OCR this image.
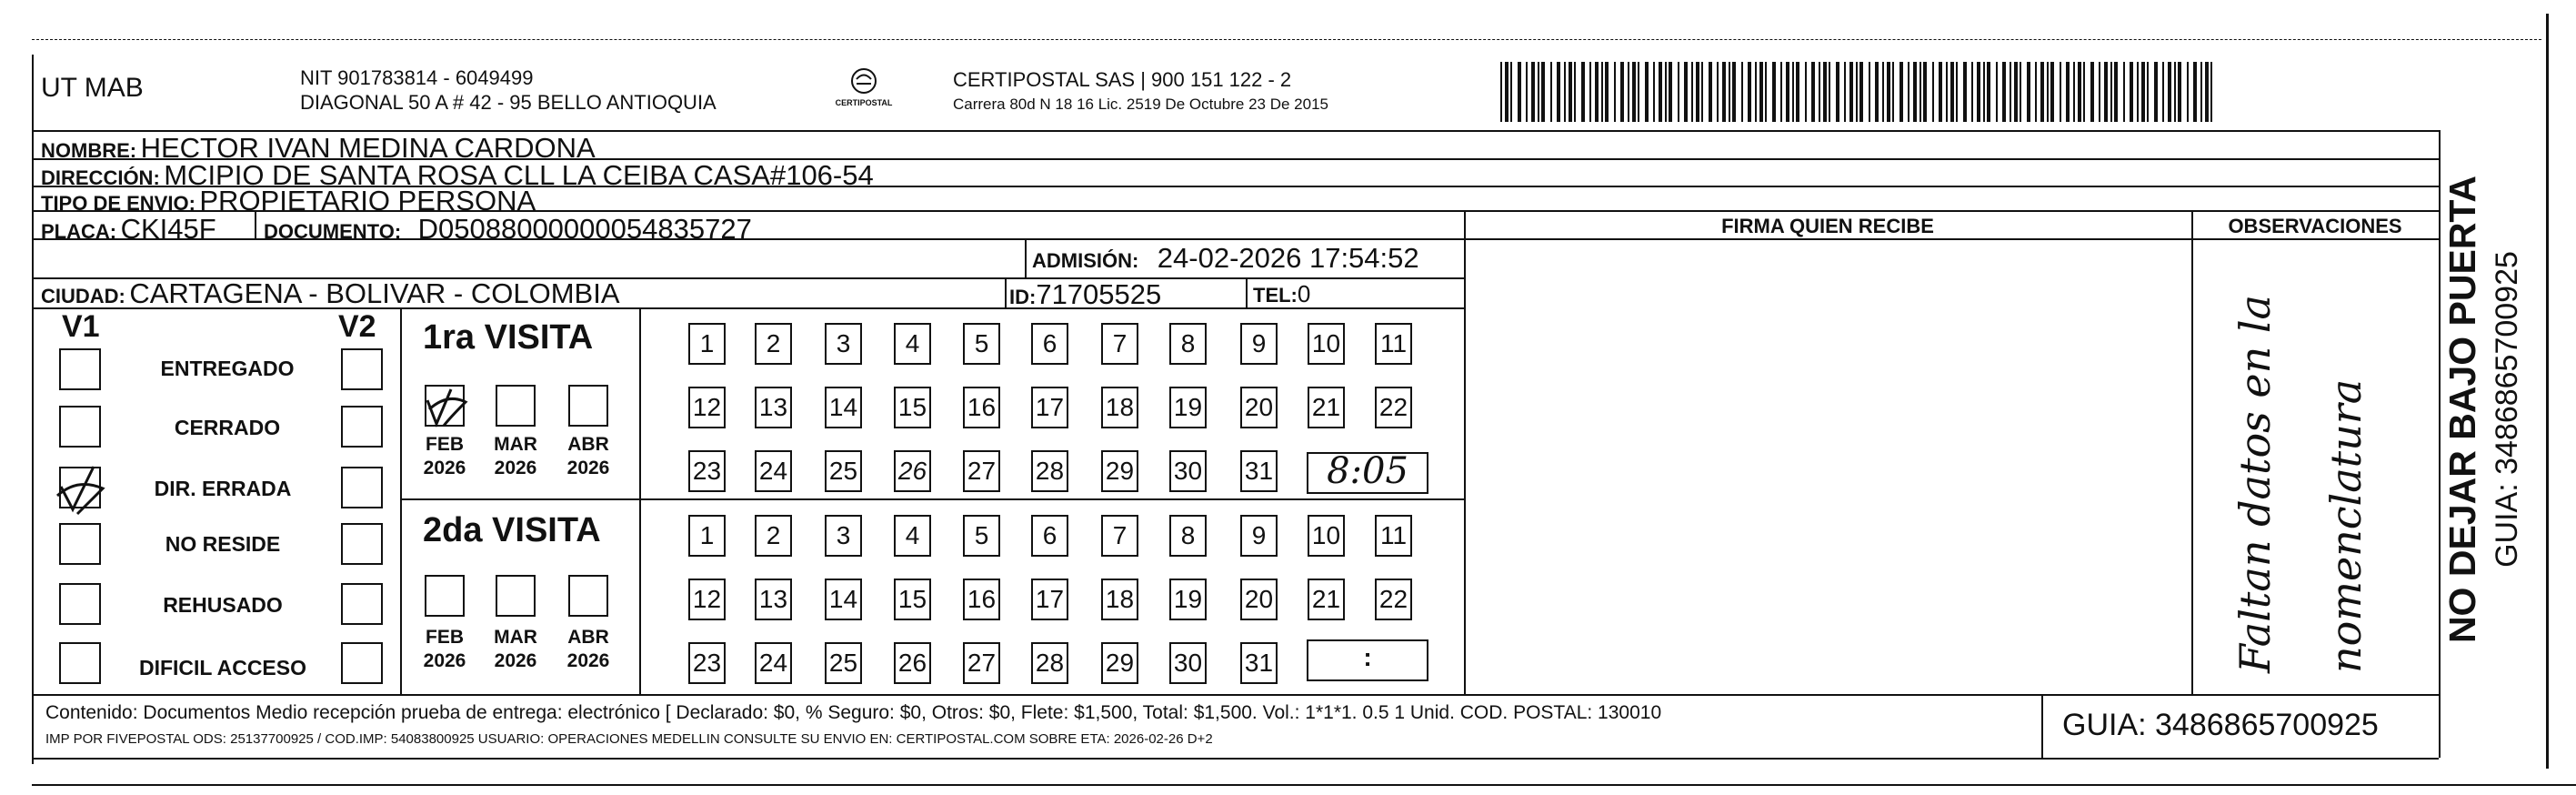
UT MAB	NIT 901783814 - 6049499
DIAGONAL 50 A # 42 - 95 BELLO ANTIOQUIA	CERTIPOSTAL
CERTIPOSTAL SAS | 900 151 122 - 2
Carrera 80d N 18 16 Lic. 2519 De Octubre 23 De 2015
FIRMA QUIEN RECIBE	OBSERVACIONES
Faltan datos en la nomenclatura
NOMBRE: HECTOR IVAN MEDINA CARDONA
DIRECCIÓN: MCIPIO DE SANTA ROSA CLL LA CEIBA CASA#106-54
TIPO DE ENVIO: PROPIETARIO PERSONA
PLACA: CKI45F DOCUMENTO: D05088000000054835727
ADMISIÓN: 24-02-2026 17:54:52
CIUDAD: CARTAGENA - BOLIVAR - COLOMBIA	ID:71705525	TEL:0
V1	V2
ENTREGADO
CERRADO
DIR. ERRADA
NO RESIDE
REHUSADO
DIFICIL ACCESO
1ra VISITA
FEB
2026
MAR
2026
ABR
2026
2da VISITA
FEB
2026
MAR
2026
ABR
2026
1	2	3	4	5	6	7	8	9	10 11
12 13 14 15 16 17 18 19 20 21 22
23 24 25 26 27 28 29 30 31
1	2	3	4	5	6	7	8	9	10 11
12 13 14 15 16 17 18 19 20 21 22
23 24 25 26 27 28 29 30 31
8:05
:
Contenido: Documentos Medio recepción prueba de entrega: electrónico [ Declarado: $0, % Seguro: $0, Otros: $0, Flete: $1,500, Total: $1,500. Vol.: 1*1*1. 0.5 1 Unid. COD. POSTAL: 130010
IMP POR FIVEPOSTAL ODS: 25137700925 / COD.IMP: 54083800925 USUARIO: OPERACIONES MEDELLIN CONSULTE SU ENVIO EN: CERTIPOSTAL.COM SOBRE ETA: 2026-02-26 D+2	GUIA: 3486865700925
NO DEJAR BAJO PUERTA GUIA: 3486865700925
